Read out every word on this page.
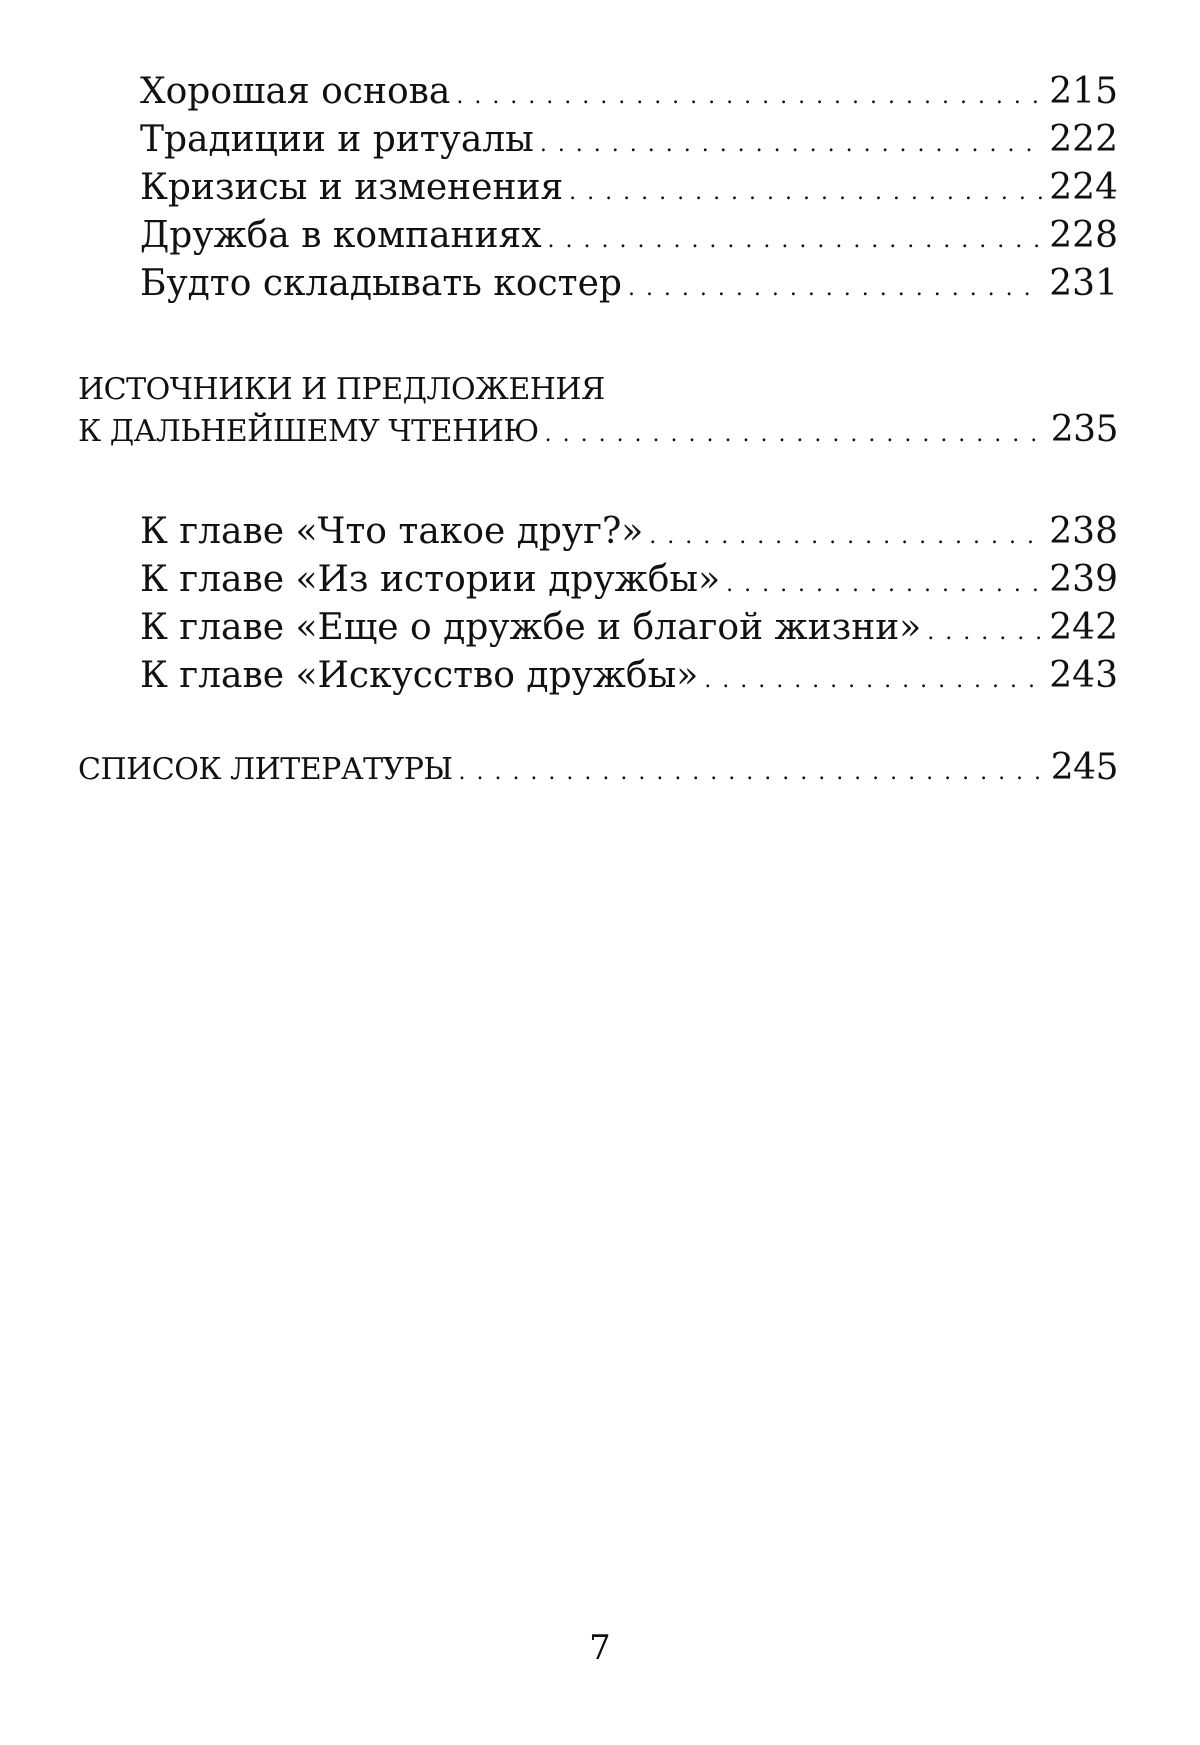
Хорошая основа . . .	215
Традиции и ритуалы . . .	222
Кризисы и изменения . . .	224
Дружба в компаниях . . .	228
Будто складывать костер . . .	231
ИСТОЧНИКИ И ПРЕДЛОЖЕНИЯ
К ДАЛЬНЕЙШЕМУ ЧТЕНИЮ . . .	235
К главе «Что такое друг?» . . .	238
К главе «Из истории дружбы» . . .	239
К главе «Еще о дружбе и благой жизни» . . .	242
К главе «Искусство дружбы» . . .	243
СПИСОК ЛИТЕРАТУРЫ . . .	245
7
